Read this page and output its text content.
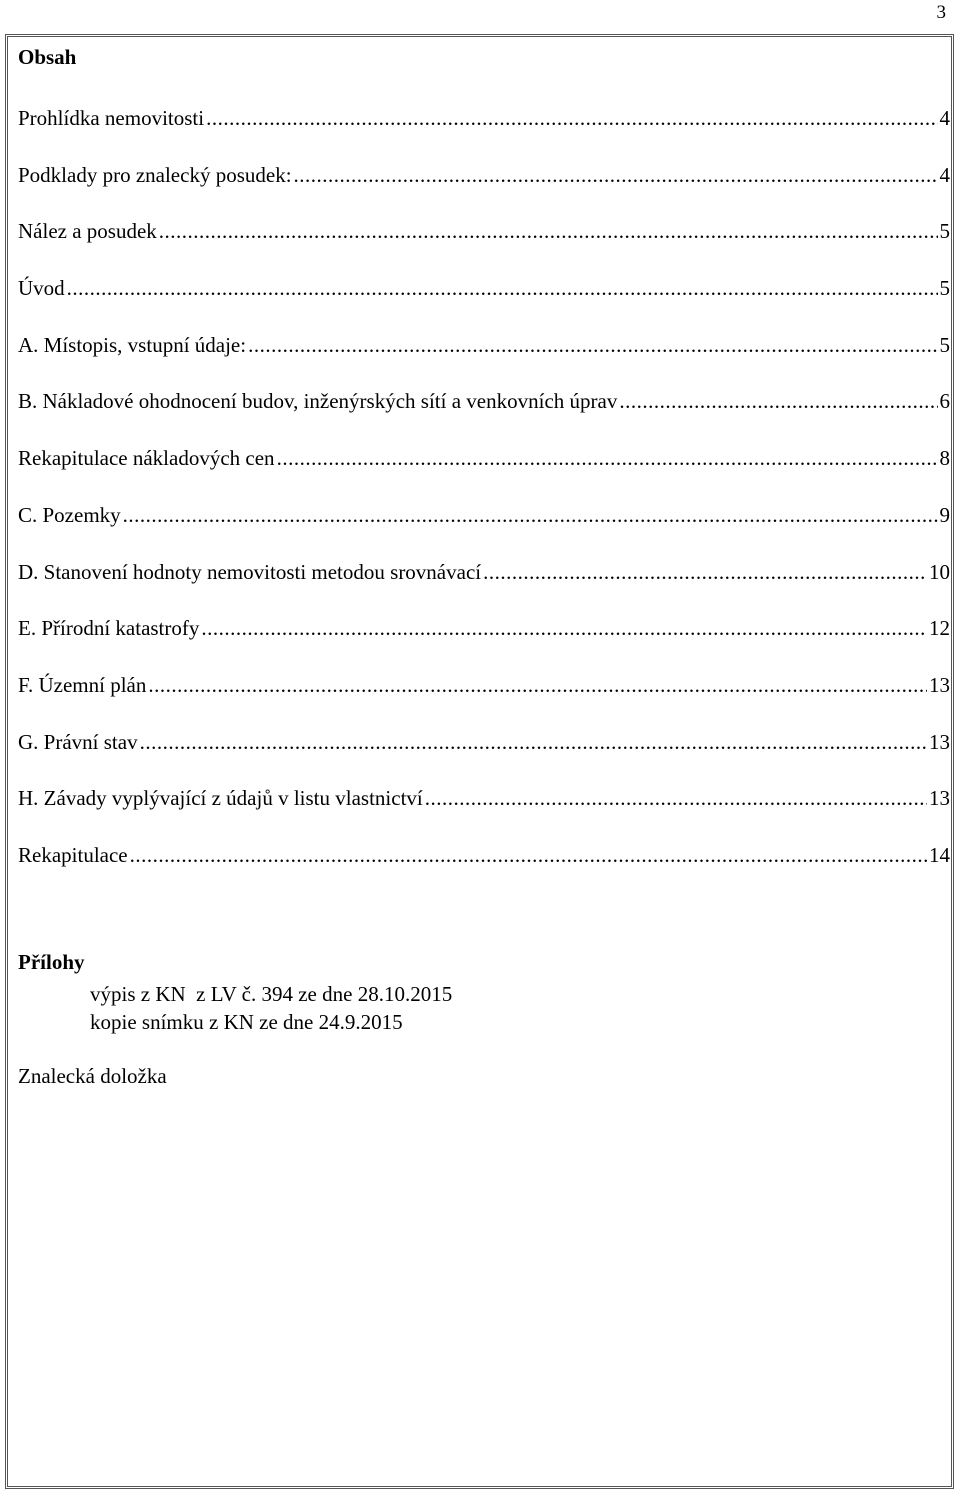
3
Obsah
Prohlídka nemovitosti .....	4
Podklady pro znalecký posudek: .....	4
Nález a posudek .....	5
Úvod .....	5
A. Místopis, vstupní údaje: .....	5
B. Nákladové ohodnocení budov, inženýrských sítí a venkovních úprav .....	6
Rekapitulace nákladových cen .....	8
C. Pozemky .....	9
D. Stanovení hodnoty nemovitosti metodou srovnávací .....	10
E. Přírodní katastrofy .....	12
F. Územní plán .....	13
G. Právní stav .....	13
H. Závady vyplývající z údajů v listu vlastnictví .....	13
Rekapitulace .....	14
Přílohy
výpis z KN  z LV č. 394 ze dne 28.10.2015
kopie snímku z KN ze dne 24.9.2015
Znalecká doložka
